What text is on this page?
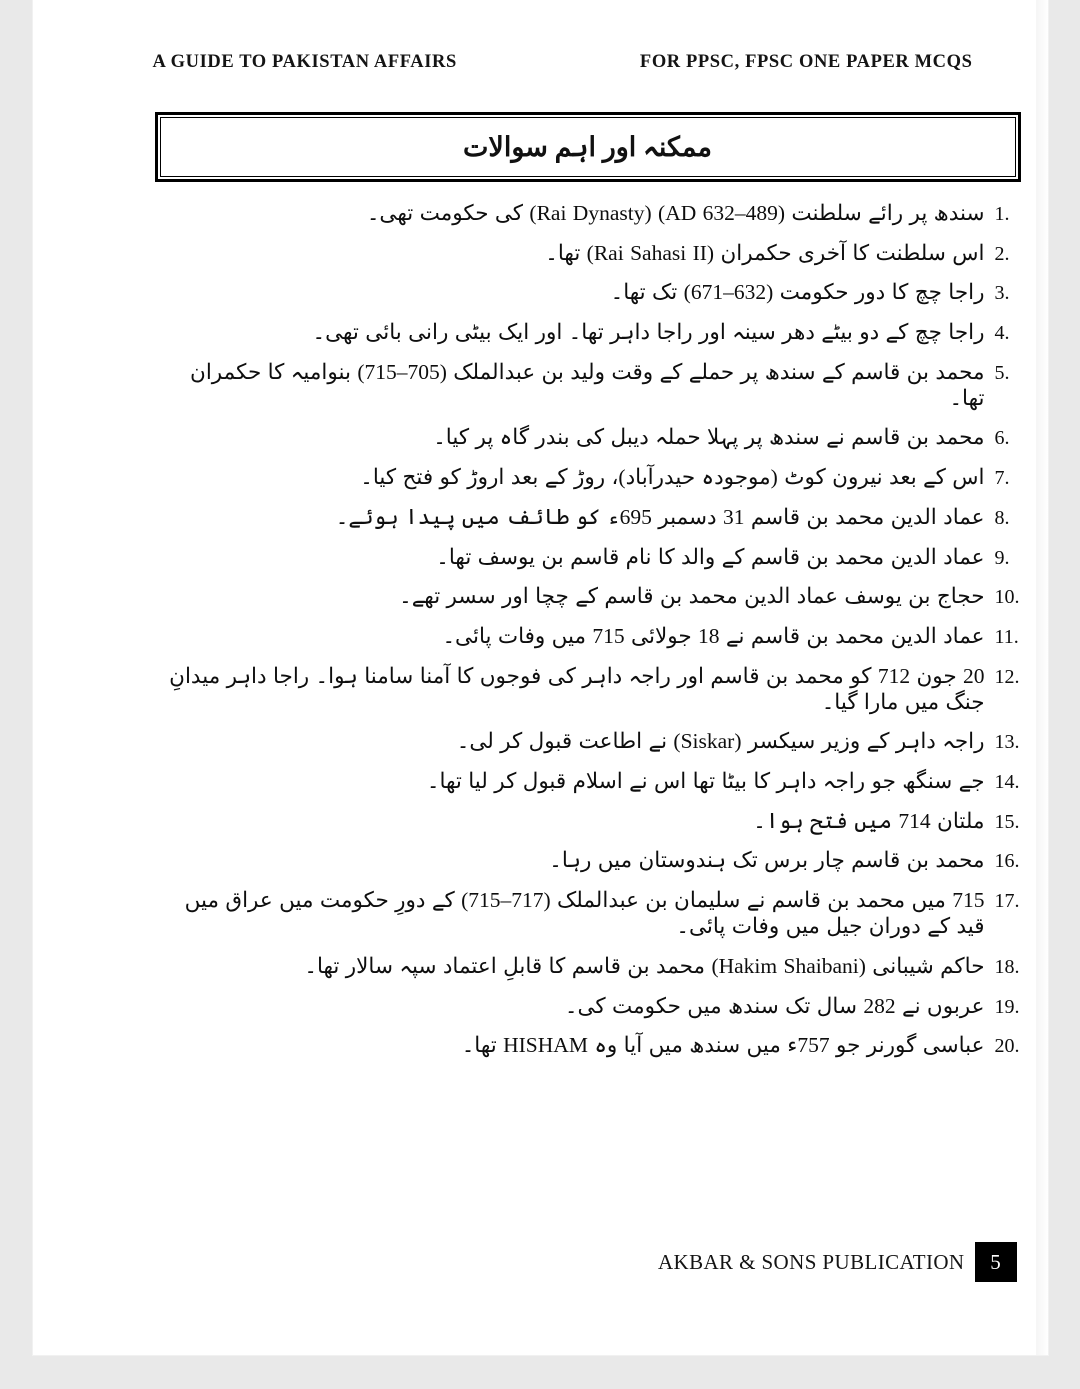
A GUIDE TO PAKISTAN AFFAIRS	FOR PPSC, FPSC ONE PAPER MCQS
ممکنہ اور اہم سوالات
1.
سندھ پر رائے سلطنت (489–632 AD) (Rai Dynasty) کی حکومت تھی۔
2.
اس سلطنت کا آخری حکمران (Rai Sahasi II) تھا۔
3.
راجا چچ کا دور حکومت (632–671) تک تھا۔
4.
راجا چچ کے دو بیٹے دھر سینہ اور راجا داہر تھا۔ اور ایک بیٹی رانی بائی تھی۔
5.
محمد بن قاسم کے سندھ پر حملے کے وقت ولید بن عبدالملک (705–715) بنوامیہ کا حکمران تھا۔
6.
محمد بن قاسم نے سندھ پر پہلا حملہ دیبل کی بندر گاہ پر کیا۔
7.
اس کے بعد نیرون کوٹ (موجودہ حیدرآباد)، روڑ کے بعد اروڑ کو فتح کیا۔
8.
عماد الدین محمد بن قاسم 31 دسمبر 695ء کو طائف میں پیدا ہوئے۔
9.
عماد الدین محمد بن قاسم کے والد کا نام قاسم بن یوسف تھا۔
10.
حجاج بن یوسف عماد الدین محمد بن قاسم کے چچا اور سسر تھے۔
11.
عماد الدین محمد بن قاسم نے 18 جولائی 715 میں وفات پائی۔
12.
20 جون 712 کو محمد بن قاسم اور راجہ داہر کی فوجوں کا آمنا سامنا ہوا۔ راجا داہر میدانِ جنگ میں مارا گیا۔
13.
راجہ داہر کے وزیر سیکسر (Siskar) نے اطاعت قبول کر لی۔
14.
جے سنگھ جو راجہ داہر کا بیٹا تھا اس نے اسلام قبول کر لیا تھا۔
15.
ملتان 714 میں فتح ہوا۔
16.
محمد بن قاسم چار برس تک ہندوستان میں رہا۔
17.
715 میں محمد بن قاسم نے سلیمان بن عبدالملک (717–715) کے دورِ حکومت میں عراق میں قید کے دوران جیل میں وفات پائی۔
18.
حاکم شیبانی (Hakim Shaibani) محمد بن قاسم کا قابلِ اعتماد سپہ سالار تھا۔
19.
عربوں نے 282 سال تک سندھ میں حکومت کی۔
20.
عباسی گورنر جو 757ء میں سندھ میں آیا وہ HISHAM تھا۔
AKBAR & SONS PUBLICATION	5
